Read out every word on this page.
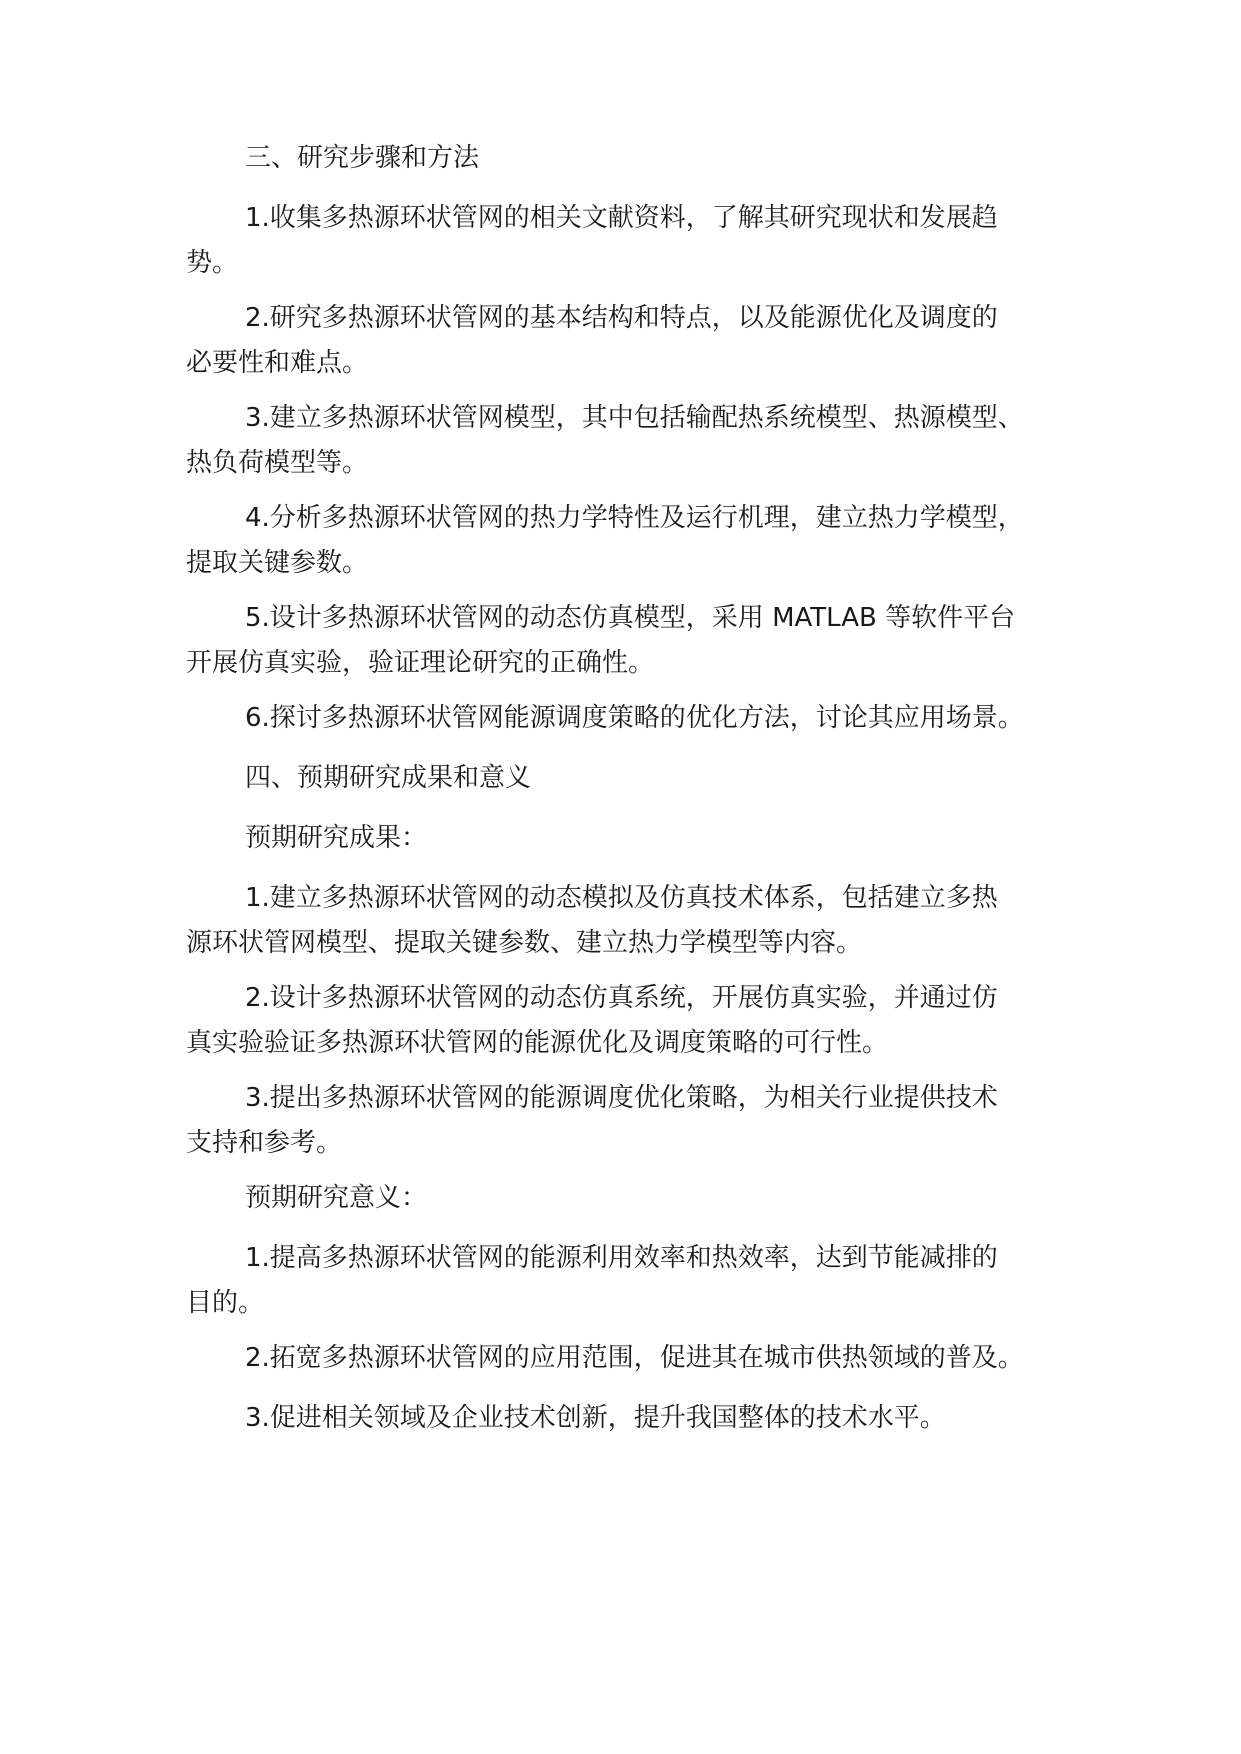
三、研究步骤和方法
1.收集多热源环状管网的相关文献资料，了解其研究现状和发展趋
势。
2.研究多热源环状管网的基本结构和特点，以及能源优化及调度的
必要性和难点。
3.建立多热源环状管网模型，其中包括输配热系统模型、热源模型、
热负荷模型等。
4.分析多热源环状管网的热力学特性及运行机理，建立热力学模型，
提取关键参数。
5.设计多热源环状管网的动态仿真模型，采用 MATLAB 等软件平台
开展仿真实验，验证理论研究的正确性。
6.探讨多热源环状管网能源调度策略的优化方法，讨论其应用场景。
四、预期研究成果和意义
预期研究成果：
1.建立多热源环状管网的动态模拟及仿真技术体系，包括建立多热
源环状管网模型、提取关键参数、建立热力学模型等内容。
2.设计多热源环状管网的动态仿真系统，开展仿真实验，并通过仿
真实验验证多热源环状管网的能源优化及调度策略的可行性。
3.提出多热源环状管网的能源调度优化策略，为相关行业提供技术
支持和参考。
预期研究意义：
1.提高多热源环状管网的能源利用效率和热效率，达到节能减排的
目的。
2.拓宽多热源环状管网的应用范围，促进其在城市供热领域的普及。
3.促进相关领域及企业技术创新，提升我国整体的技术水平。
